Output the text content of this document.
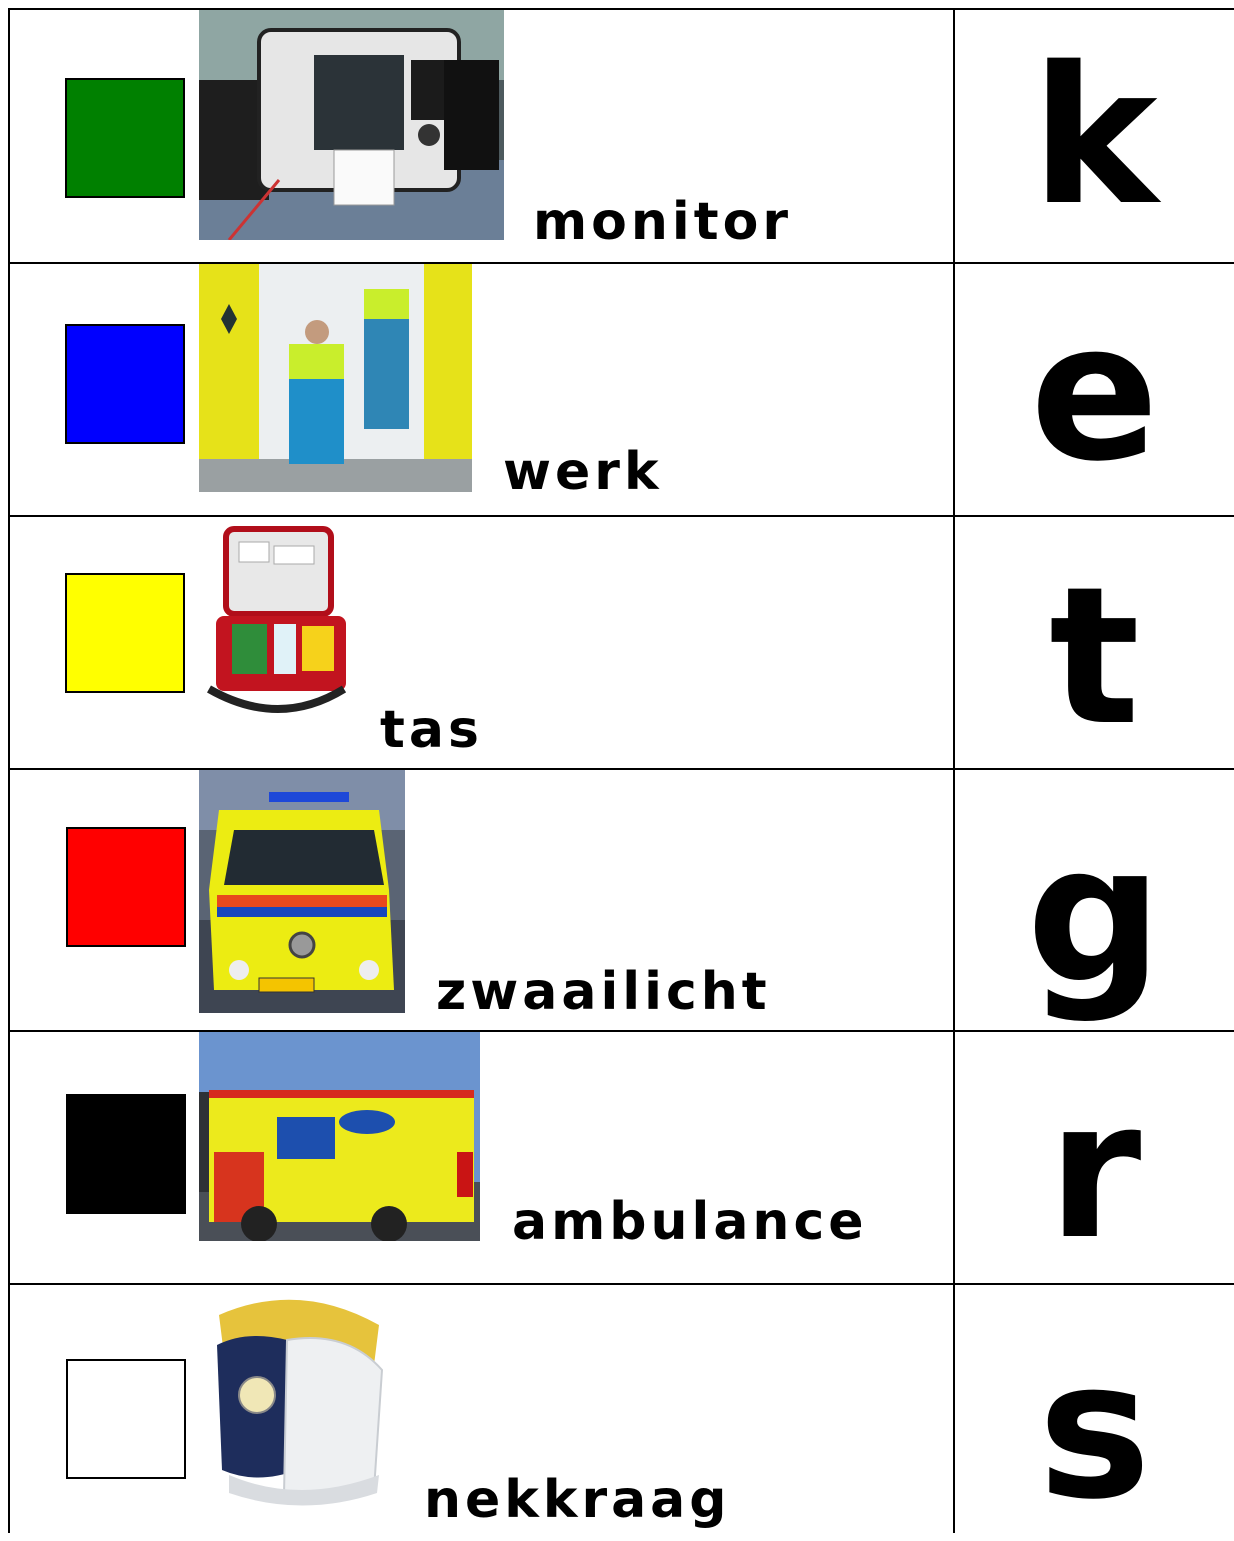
monitor	k
werk	e
tas	t
zwaailicht	g
ambulance r
nekkraag	s
